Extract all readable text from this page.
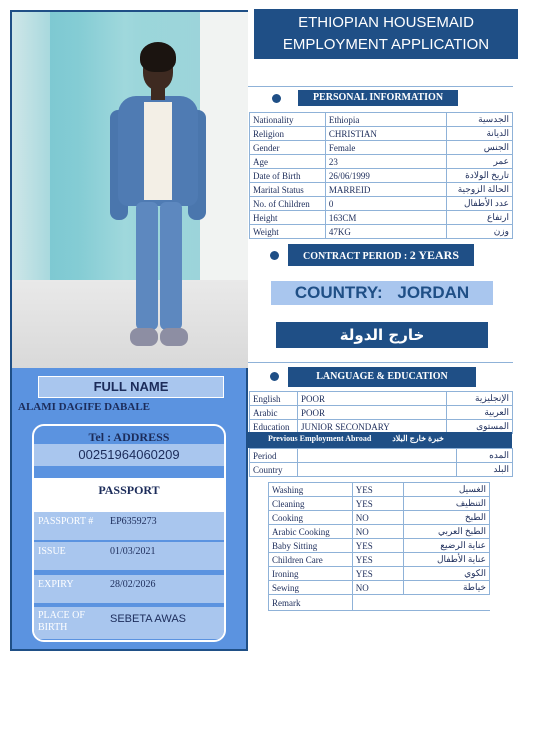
FULL NAME
ALAMI DAGIFE DABALE
Tel : ADDRESS
00251964060209
PASSPORT
PASSPORT # EP6359273
ISSUE	01/03/2021
EXPIRY	28/02/2026
PLACE OF
BIRTH
SEBETA AWAS
ETHIOPIAN HOUSEMAID
EMPLOYMENT APPLICATION
PERSONAL INFORMATION
Nationality	Ethiopia	الجدسية
Religion	CHRISTIAN	الديانة
Gender	Female	الجنس
Age	23	عمر
Date of Birth	26/06/1999	تاريخ الولادة
Marital Status	MARREID	الحالة الزوجية
No. of Children	0	عدد الأطفال
Height	163CM	ارتفاع
Weight	47KG	وزن
CONTRACT PERIOD : 2 YEARS
COUNTRY: JORDAN
خارج الدولة
LANGUAGE & EDUCATION
English	POOR	الإنجليزية
Arabic	POOR	العربية
Education	JUNIOR SECONDARY	المستوى
Previous Employment Abroad	خبرة خارج البلاد
Period		المده
Country		البلد
Washing	YES	الغسيل
Cleaning	YES	التنظيف
Cooking	NO	الطبخ
Arabic Cooking	NO	الطبخ العربي
Baby Sitting	YES	عناية الرضيع
Children Care	YES	عناية الأطفال
Ironing	YES	الكوي
Sewing	NO	خياطة
Remark		
